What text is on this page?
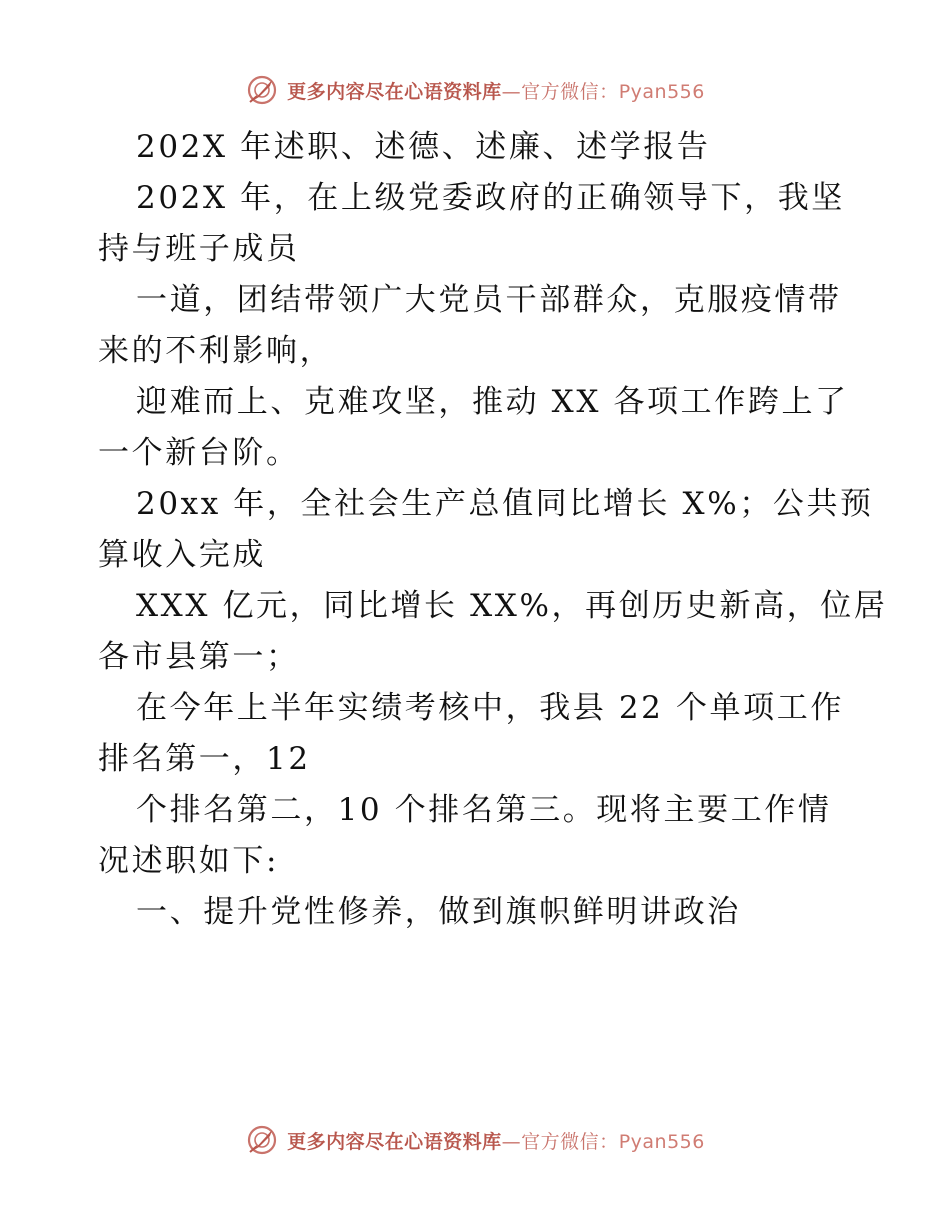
更多内容尽在心语资料库—官方微信：Pyan556
202X 年述职、述德、述廉、述学报告
202X 年，在上级党委政府的正确领导下，我坚
持与班子成员
一道，团结带领广大党员干部群众，克服疫情带
来的不利影响，
迎难而上、克难攻坚，推动 XX 各项工作跨上了
一个新台阶。
20xx 年，全社会生产总值同比增长 X%；公共预
算收入完成
XXX 亿元，同比增长 XX%，再创历史新高，位居
各市县第一；
在今年上半年实绩考核中，我县 22 个单项工作
排名第一，12
个排名第二，10 个排名第三。现将主要工作情
况述职如下:
一、提升党性修养，做到旗帜鲜明讲政治
更多内容尽在心语资料库—官方微信：Pyan556
